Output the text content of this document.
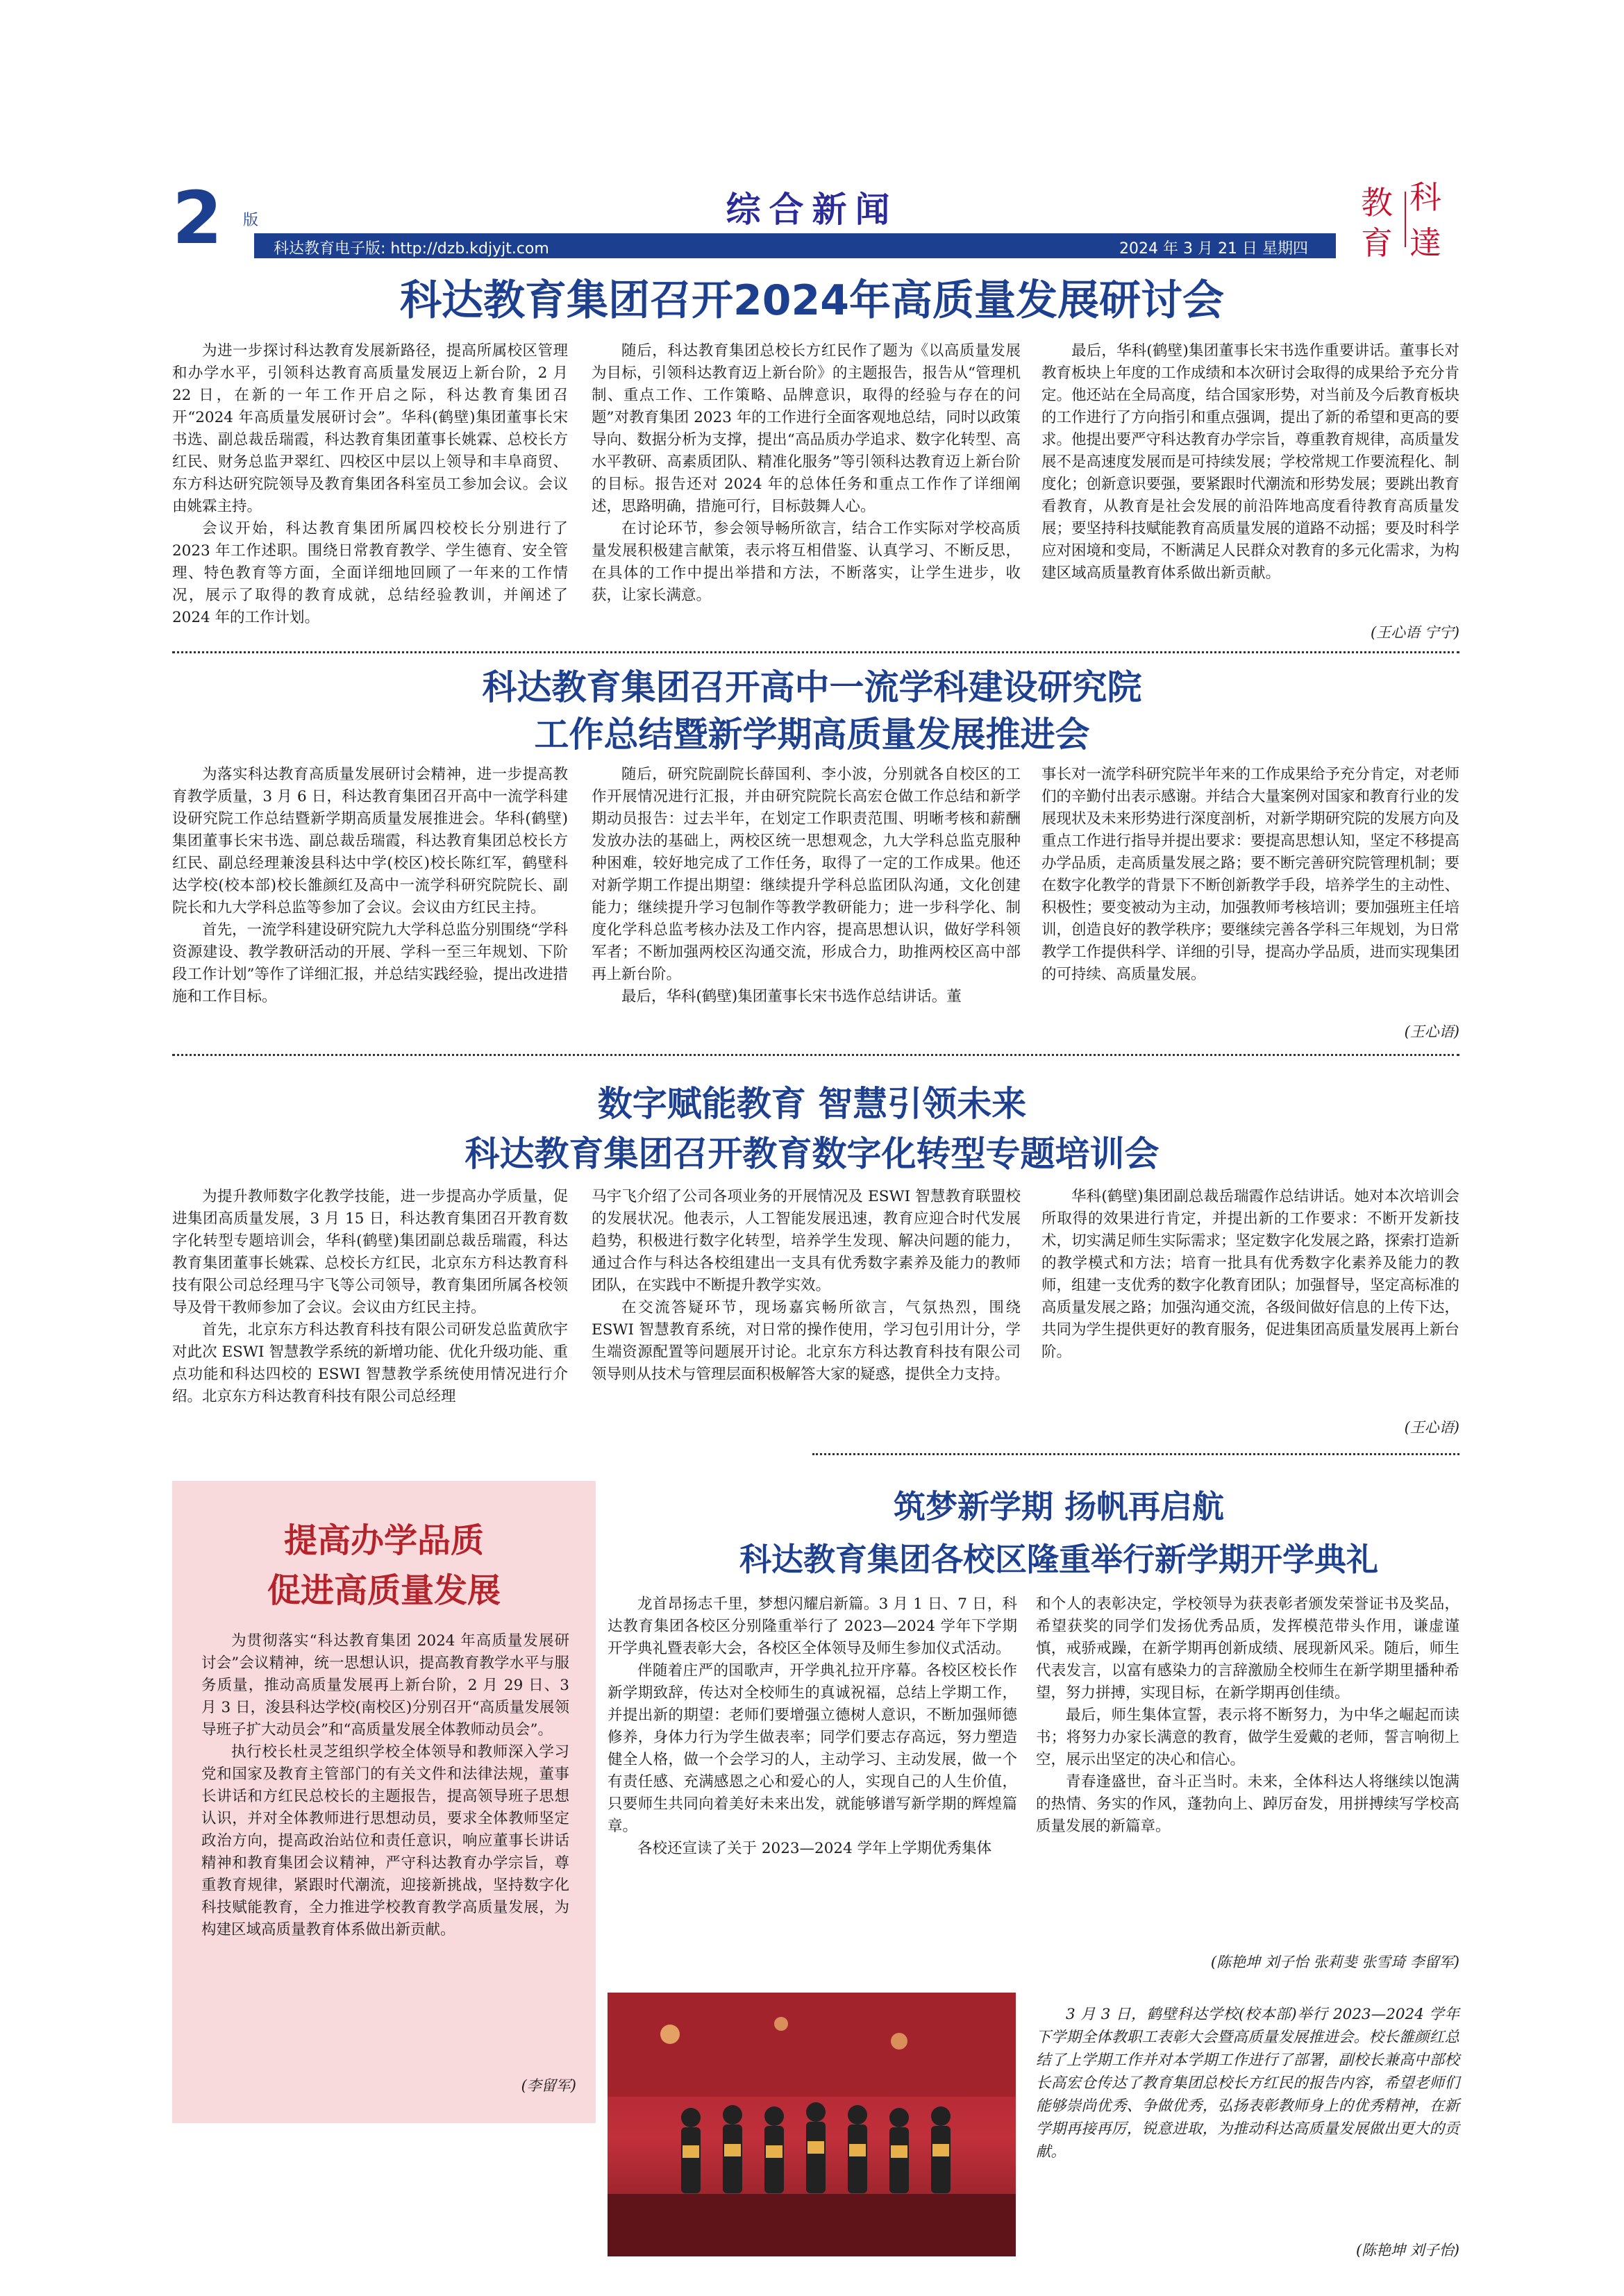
2 版	综合新闻
科达教育电子版: http://dzb.kdjyjt.com	2024 年 3 月 21 日 星期四
教 科
育 達
科达教育集团召开2024年高质量发展研讨会

为进一步探讨科达教育发展新路径，提高所属校区管理和办学水平，引领科达教育高质量发展迈上新台阶，2 月 22 日，在新的一年工作开启之际，科达教育集团召开“2024 年高质量发展研讨会”。华科(鹤壁)集团董事长宋书选、副总裁岳瑞霞，科达教育集团董事长姚霖、总校长方红民、财务总监尹翠红、四校区中层以上领导和丰阜商贸、东方科达研究院领导及教育集团各科室员工参加会议。会议由姚霖主持。

会议开始，科达教育集团所属四校校长分别进行了 2023 年工作述职。围绕日常教育教学、学生德育、安全管理、特色教育等方面，全面详细地回顾了一年来的工作情况，展示了取得的教育成就，总结经验教训，并阐述了 2024 年的工作计划。

随后，科达教育集团总校长方红民作了题为《以高质量发展为目标，引领科达教育迈上新台阶》的主题报告，报告从“管理机制、重点工作、工作策略、品牌意识，取得的经验与存在的问题”对教育集团 2023 年的工作进行全面客观地总结，同时以政策导向、数据分析为支撑，提出“高品质办学追求、数字化转型、高水平教研、高素质团队、精准化服务”等引领科达教育迈上新台阶的目标。报告还对 2024 年的总体任务和重点工作作了详细阐述，思路明确，措施可行，目标鼓舞人心。

在讨论环节，参会领导畅所欲言，结合工作实际对学校高质量发展积极建言献策，表示将互相借鉴、认真学习、不断反思，在具体的工作中提出举措和方法，不断落实，让学生进步，收获，让家长满意。

最后，华科(鹤壁)集团董事长宋书选作重要讲话。董事长对教育板块上年度的工作成绩和本次研讨会取得的成果给予充分肯定。他还站在全局高度，结合国家形势，对当前及今后教育板块的工作进行了方向指引和重点强调，提出了新的希望和更高的要求。他提出要严守科达教育办学宗旨，尊重教育规律，高质量发展不是高速度发展而是可持续发展；学校常规工作要流程化、制度化；创新意识要强，要紧跟时代潮流和形势发展；要跳出教育看教育，从教育是社会发展的前沿阵地高度看待教育高质量发展；要坚持科技赋能教育高质量发展的道路不动摇；要及时科学应对困境和变局，不断满足人民群众对教育的多元化需求，为构建区域高质量教育体系做出新贡献。

(王心语 宁宁)
科达教育集团召开高中一流学科建设研究院
工作总结暨新学期高质量发展推进会

为落实科达教育高质量发展研讨会精神，进一步提高教育教学质量，3 月 6 日，科达教育集团召开高中一流学科建设研究院工作总结暨新学期高质量发展推进会。华科(鹤壁)集团董事长宋书选、副总裁岳瑞霞，科达教育集团总校长方红民、副总经理兼浚县科达中学(校区)校长陈红军，鹤壁科达学校(校本部)校长雒颜红及高中一流学科研究院院长、副院长和九大学科总监等参加了会议。会议由方红民主持。

首先，一流学科建设研究院九大学科总监分别围绕“学科资源建设、教学教研活动的开展、学科一至三年规划、下阶段工作计划”等作了详细汇报，并总结实践经验，提出改进措施和工作目标。

随后，研究院副院长薛国利、李小波，分别就各自校区的工作开展情况进行汇报，并由研究院院长高宏仓做工作总结和新学期动员报告：过去半年，在划定工作职责范围、明晰考核和薪酬发放办法的基础上，两校区统一思想观念，九大学科总监克服种种困难，较好地完成了工作任务，取得了一定的工作成果。他还对新学期工作提出期望：继续提升学科总监团队沟通，文化创建能力；继续提升学习包制作等教学教研能力；进一步科学化、制度化学科总监考核办法及工作内容，提高思想认识，做好学科领军者；不断加强两校区沟通交流，形成合力，助推两校区高中部再上新台阶。

最后，华科(鹤壁)集团董事长宋书选作总结讲话。董

事长对一流学科研究院半年来的工作成果给予充分肯定，对老师们的辛勤付出表示感谢。并结合大量案例对国家和教育行业的发展现状及未来形势进行深度剖析，对新学期研究院的发展方向及重点工作进行指导并提出要求：要提高思想认知，坚定不移提高办学品质，走高质量发展之路；要不断完善研究院管理机制；要在数字化教学的背景下不断创新教学手段，培养学生的主动性、积极性；要变被动为主动，加强教师考核培训；要加强班主任培训，创造良好的教学秩序；要继续完善各学科三年规划，为日常教学工作提供科学、详细的引导，提高办学品质，进而实现集团的可持续、高质量发展。

(王心语)
数字赋能教育 智慧引领未来
科达教育集团召开教育数字化转型专题培训会

为提升教师数字化教学技能，进一步提高办学质量，促进集团高质量发展，3 月 15 日，科达教育集团召开教育数字化转型专题培训会，华科(鹤壁)集团副总裁岳瑞霞，科达教育集团董事长姚霖、总校长方红民，北京东方科达教育科技有限公司总经理马宇飞等公司领导，教育集团所属各校领导及骨干教师参加了会议。会议由方红民主持。

首先，北京东方科达教育科技有限公司研发总监黄欣宇对此次 ESWI 智慧教学系统的新增功能、优化升级功能、重点功能和科达四校的 ESWI 智慧教学系统使用情况进行介绍。北京东方科达教育科技有限公司总经理

马宇飞介绍了公司各项业务的开展情况及 ESWI 智慧教育联盟校的发展状况。他表示，人工智能发展迅速，教育应迎合时代发展趋势，积极进行数字化转型，培养学生发现、解决问题的能力，通过合作与科达各校组建出一支具有优秀数字素养及能力的教师团队，在实践中不断提升教学实效。

在交流答疑环节，现场嘉宾畅所欲言，气氛热烈，围绕 ESWI 智慧教育系统，对日常的操作使用，学习包引用计分，学生端资源配置等问题展开讨论。北京东方科达教育科技有限公司领导则从技术与管理层面积极解答大家的疑惑，提供全力支持。

华科(鹤壁)集团副总裁岳瑞霞作总结讲话。她对本次培训会所取得的效果进行肯定，并提出新的工作要求：不断开发新技术，切实满足师生实际需求；坚定数字化发展之路，探索打造新的教学模式和方法；培育一批具有优秀数字化素养及能力的教师，组建一支优秀的数字化教育团队；加强督导，坚定高标准的高质量发展之路；加强沟通交流，各级间做好信息的上传下达，共同为学生提供更好的教育服务，促进集团高质量发展再上新台阶。

(王心语)
提高办学品质
促进高质量发展

为贯彻落实“科达教育集团 2024 年高质量发展研讨会”会议精神，统一思想认识，提高教育教学水平与服务质量，推动高质量发展再上新台阶，2 月 29 日、3 月 3 日，浚县科达学校(南校区)分别召开“高质量发展领导班子扩大动员会”和“高质量发展全体教师动员会”。

执行校长杜灵芝组织学校全体领导和教师深入学习党和国家及教育主管部门的有关文件和法律法规，董事长讲话和方红民总校长的主题报告，提高领导班子思想认识，并对全体教师进行思想动员，要求全体教师坚定政治方向，提高政治站位和责任意识，响应董事长讲话精神和教育集团会议精神，严守科达教育办学宗旨，尊重教育规律，紧跟时代潮流，迎接新挑战，坚持数字化科技赋能教育，全力推进学校教育教学高质量发展，为构建区域高质量教育体系做出新贡献。

(李留军)
筑梦新学期 扬帆再启航
科达教育集团各校区隆重举行新学期开学典礼

龙首昂扬志千里，梦想闪耀启新篇。3 月 1 日、7 日，科达教育集团各校区分别隆重举行了 2023—2024 学年下学期开学典礼暨表彰大会，各校区全体领导及师生参加仪式活动。

伴随着庄严的国歌声，开学典礼拉开序幕。各校区校长作新学期致辞，传达对全校师生的真诚祝福，总结上学期工作，并提出新的期望：老师们要增强立德树人意识，不断加强师德修养，身体力行为学生做表率；同学们要志存高远，努力塑造健全人格，做一个会学习的人，主动学习、主动发展，做一个有责任感、充满感恩之心和爱心的人，实现自己的人生价值，只要师生共同向着美好未来出发，就能够谱写新学期的辉煌篇章。

各校还宣读了关于 2023—2024 学年上学期优秀集体

和个人的表彰决定，学校领导为获表彰者颁发荣誉证书及奖品，希望获奖的同学们发扬优秀品质，发挥模范带头作用，谦虚谨慎，戒骄戒躁，在新学期再创新成绩、展现新风采。随后，师生代表发言，以富有感染力的言辞激励全校师生在新学期里播种希望，努力拼搏，实现目标，在新学期再创佳绩。

最后，师生集体宣誓，表示将不断努力，为中华之崛起而读书；将努力办家长满意的教育，做学生爱戴的老师，誓言响彻上空，展示出坚定的决心和信心。

青春逢盛世，奋斗正当时。未来，全体科达人将继续以饱满的热情、务实的作风，蓬勃向上、踔厉奋发，用拼搏续写学校高质量发展的新篇章。

(陈艳坤 刘子怡 张莉斐 张雪琦 李留军)

3 月 3 日，鹤壁科达学校(校本部)举行 2023—2024 学年下学期全体教职工表彰大会暨高质量发展推进会。校长雒颜红总结了上学期工作并对本学期工作进行了部署，副校长兼高中部校长高宏仓传达了教育集团总校长方红民的报告内容，希望老师们能够崇尚优秀、争做优秀，弘扬表彰教师身上的优秀精神，在新学期再接再厉，锐意进取，为推动科达高质量发展做出更大的贡献。

(陈艳坤 刘子怡)
